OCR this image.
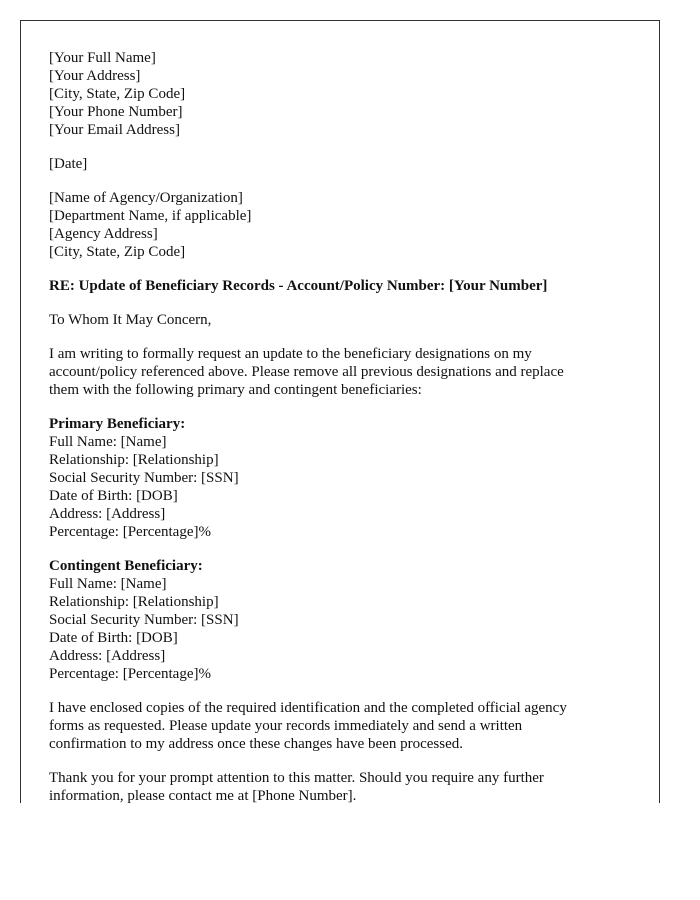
[Your Full Name]
[Your Address]
[City, State, Zip Code]
[Your Phone Number]
[Your Email Address]
[Date]
[Name of Agency/Organization]
[Department Name, if applicable]
[Agency Address]
[City, State, Zip Code]
RE: Update of Beneficiary Records - Account/Policy Number: [Your Number]
To Whom It May Concern,
I am writing to formally request an update to the beneficiary designations on my
account/policy referenced above. Please remove all previous designations and replace
them with the following primary and contingent beneficiaries:
Primary Beneficiary:
Full Name: [Name]
Relationship: [Relationship]
Social Security Number: [SSN]
Date of Birth: [DOB]
Address: [Address]
Percentage: [Percentage]%
Contingent Beneficiary:
Full Name: [Name]
Relationship: [Relationship]
Social Security Number: [SSN]
Date of Birth: [DOB]
Address: [Address]
Percentage: [Percentage]%
I have enclosed copies of the required identification and the completed official agency
forms as requested. Please update your records immediately and send a written
confirmation to my address once these changes have been processed.
Thank you for your prompt attention to this matter. Should you require any further
information, please contact me at [Phone Number].
